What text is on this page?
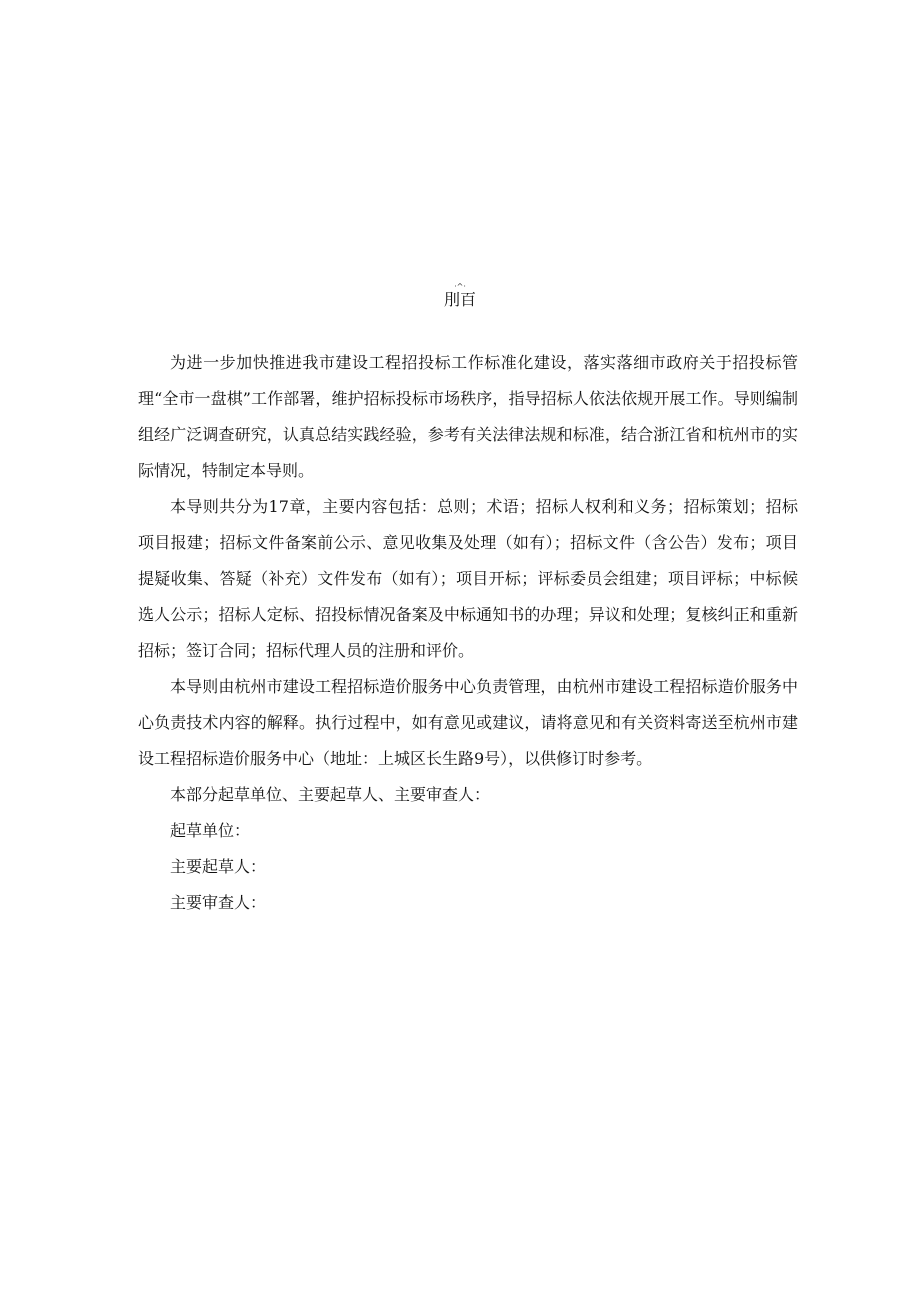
·^·
刖百

为进一步加快推进我市建设工程招投标工作标准化建设，落实落细市政府关于招投标管理“全市一盘棋”工作部署，维护招标投标市场秩序，指导招标人依法依规开展工作。导则编制组经广泛调查研究，认真总结实践经验，参考有关法律法规和标准，结合浙江省和杭州市的实际情况，特制定本导则。

本导则共分为17章，主要内容包括：总则；术语；招标人权利和义务；招标策划；招标项目报建；招标文件备案前公示、意见收集及处理（如有）；招标文件（含公告）发布；项目提疑收集、答疑（补充）文件发布（如有）；项目开标；评标委员会组建；项目评标；中标候选人公示；招标人定标、招投标情况备案及中标通知书的办理；异议和处理；复核纠正和重新招标；签订合同；招标代理人员的注册和评价。

本导则由杭州市建设工程招标造价服务中心负责管理，由杭州市建设工程招标造价服务中心负责技术内容的解释。执行过程中，如有意见或建议，请将意见和有关资料寄送至杭州市建设工程招标造价服务中心（地址：上城区长生路9号），以供修订时参考。

本部分起草单位、主要起草人、主要审查人：

起草单位：

主要起草人：

主要审查人：
